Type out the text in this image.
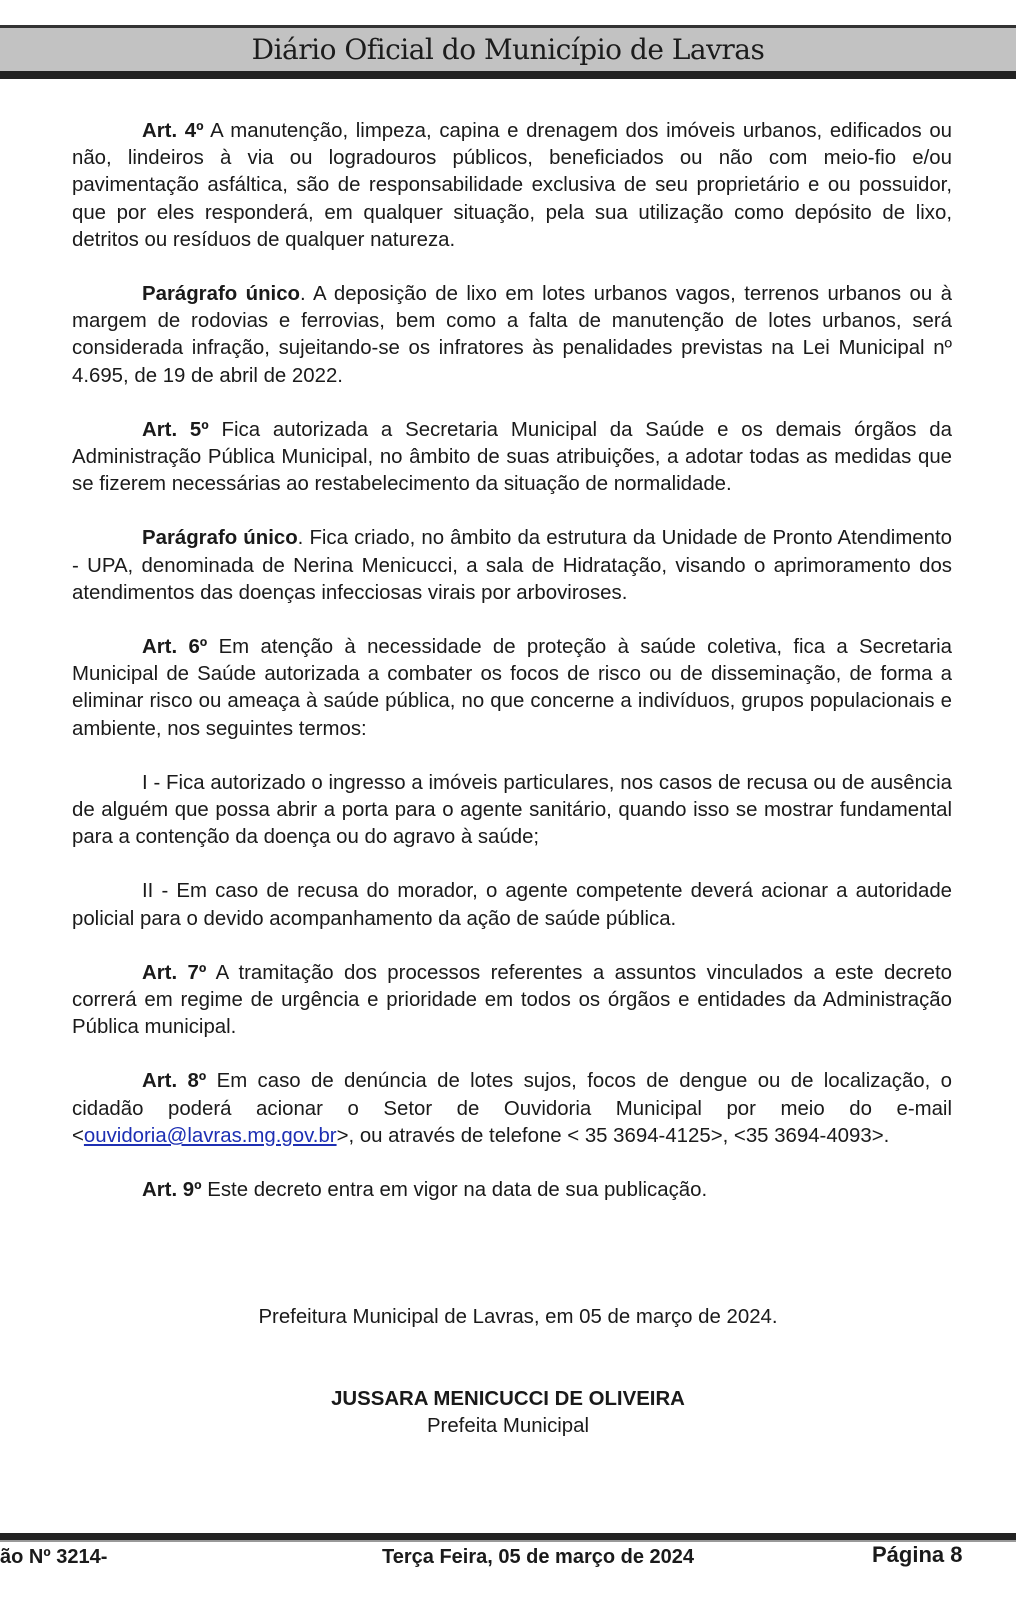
Diário Oficial do Município de Lavras

Art. 4º A manutenção, limpeza, capina e drenagem dos imóveis urbanos, edificados ou não, lindeiros à via ou logradouros públicos, beneficiados ou não com meio-fio e/ou pavimentação asfáltica, são de responsabilidade exclusiva de seu proprietário e ou possuidor, que por eles responderá, em qualquer situação, pela sua utilização como depósito de lixo, detritos ou resíduos de qualquer natureza.

Parágrafo único. A deposição de lixo em lotes urbanos vagos, terrenos urbanos ou à margem de rodovias e ferrovias, bem como a falta de manutenção de lotes urbanos, será considerada infração, sujeitando-se os infratores às penalidades previstas na Lei Municipal nº 4.695, de 19 de abril de 2022.

Art. 5º Fica autorizada a Secretaria Municipal da Saúde e os demais órgãos da Administração Pública Municipal, no âmbito de suas atribuições, a adotar todas as medidas que se fizerem necessárias ao restabelecimento da situação de normalidade.

Parágrafo único. Fica criado, no âmbito da estrutura da Unidade de Pronto Atendimento - UPA, denominada de Nerina Menicucci, a sala de Hidratação, visando o aprimoramento dos atendimentos das doenças infecciosas virais por arboviroses.

Art. 6º Em atenção à necessidade de proteção à saúde coletiva, fica a Secretaria Municipal de Saúde autorizada a combater os focos de risco ou de disseminação, de forma a eliminar risco ou ameaça à saúde pública, no que concerne a indivíduos, grupos populacionais e ambiente, nos seguintes termos:

I - Fica autorizado o ingresso a imóveis particulares, nos casos de recusa ou de ausência de alguém que possa abrir a porta para o agente sanitário, quando isso se mostrar fundamental para a contenção da doença ou do agravo à saúde;

II - Em caso de recusa do morador, o agente competente deverá acionar a autoridade policial para o devido acompanhamento da ação de saúde pública.

Art. 7º A tramitação dos processos referentes a assuntos vinculados a este decreto correrá em regime de urgência e prioridade em todos os órgãos e entidades da Administração Pública municipal.

Art. 8º Em caso de denúncia de lotes sujos, focos de dengue ou de localização, o cidadão poderá acionar o Setor de Ouvidoria Municipal por meio do e-mail <ouvidoria@lavras.mg.gov.br>, ou através de telefone < 35 3694-4125>, <35 3694-4093>.

Art. 9º Este decreto entra em vigor na data de sua publicação.

Prefeitura Municipal de Lavras, em 05 de março de 2024.
JUSSARA MENICUCCI DE OLIVEIRA
Prefeita Municipal
ão Nº 3214-	Terça Feira, 05 de março de 2024	Página 8
